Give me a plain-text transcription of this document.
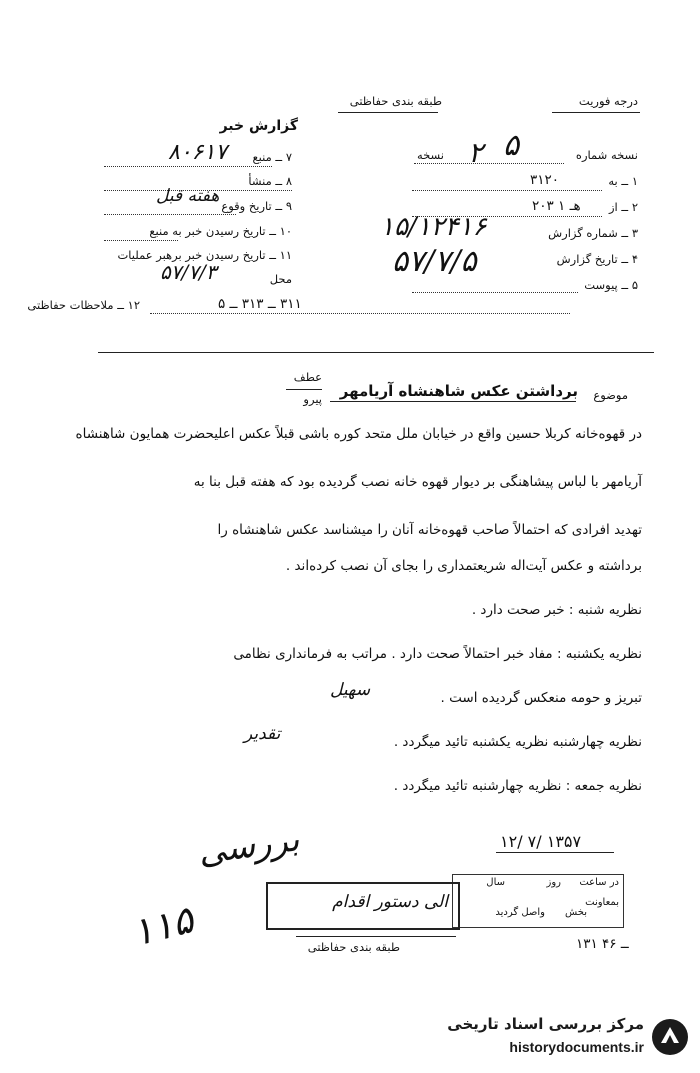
درجه فوریت
طبقه بندی حفاظتی
گزارش خبر
نسخه شماره
۵
نسخه ۲
۱ ــ به
۳۱۲۰
۲ ــ از
۲۰۳ هـ ۱
۳ ــ شماره گزارش
۱۵/۱۲۴۱۶
۴ ــ تاریخ گزارش
۵۷/۷/۵
۵ ــ پیوست
۷ ــ منبع
۸۰۶۱۷
۸ ــ منشأ
۹ ــ تاریخ وقوع
هفته قبل
۱۰ ــ تاریخ رسیدن خبر به منبع
۱۱ ــ تاریخ رسیدن خبر برهبر عملیات
محل
۵۷/۷/۳
۱۲ ــ ملاحظات حفاظتی	۳۱۱ ــ ۳۱۳ ــ ۵
موضوع
برداشتن عکس شاهنشاه آریامهر
عطف
پیرو
در قهوه‌خانه کربلا حسین واقع در خیابان ملل متحد کوره باشی قبلاً عکس اعلیحضرت همایون شاهنشاه
آریامهر با لباس پیشاهنگی بر دیوار قهوه خانه نصب گردیده بود که هفته قبل بنا به
تهدید افرادی که احتمالاً صاحب قهوه‌خانه آنان را میشناسد عکس شاهنشاه را
برداشته و عکس آیت‌اله شریعتمداری را بجای آن نصب کرده‌اند .
نظریه شنبه : خبر صحت دارد .
نظریه یکشنبه : مفاد خبر احتمالاً صحت دارد . مراتب به فرمانداری نظامی
تبریز و حومه منعکس گردیده است .
سهیل
نظریه چهارشنبه نظریه یکشنبه تائید میگردد .
تقدیر
نظریه جمعه : نظریه چهارشنبه تائید میگردد .
بررسی
۱۱۵
۱۲/ ۷/ ۱۳۵۷
در ساعت
روز
سال
بمعاونت
بخش
واصل گردید
الی دستور اقدام
طبقه بندی حفاظتی	۱۳۱ ــ ۴۶
مرکز بررسی اسناد تاریخی
historydocuments.ir
